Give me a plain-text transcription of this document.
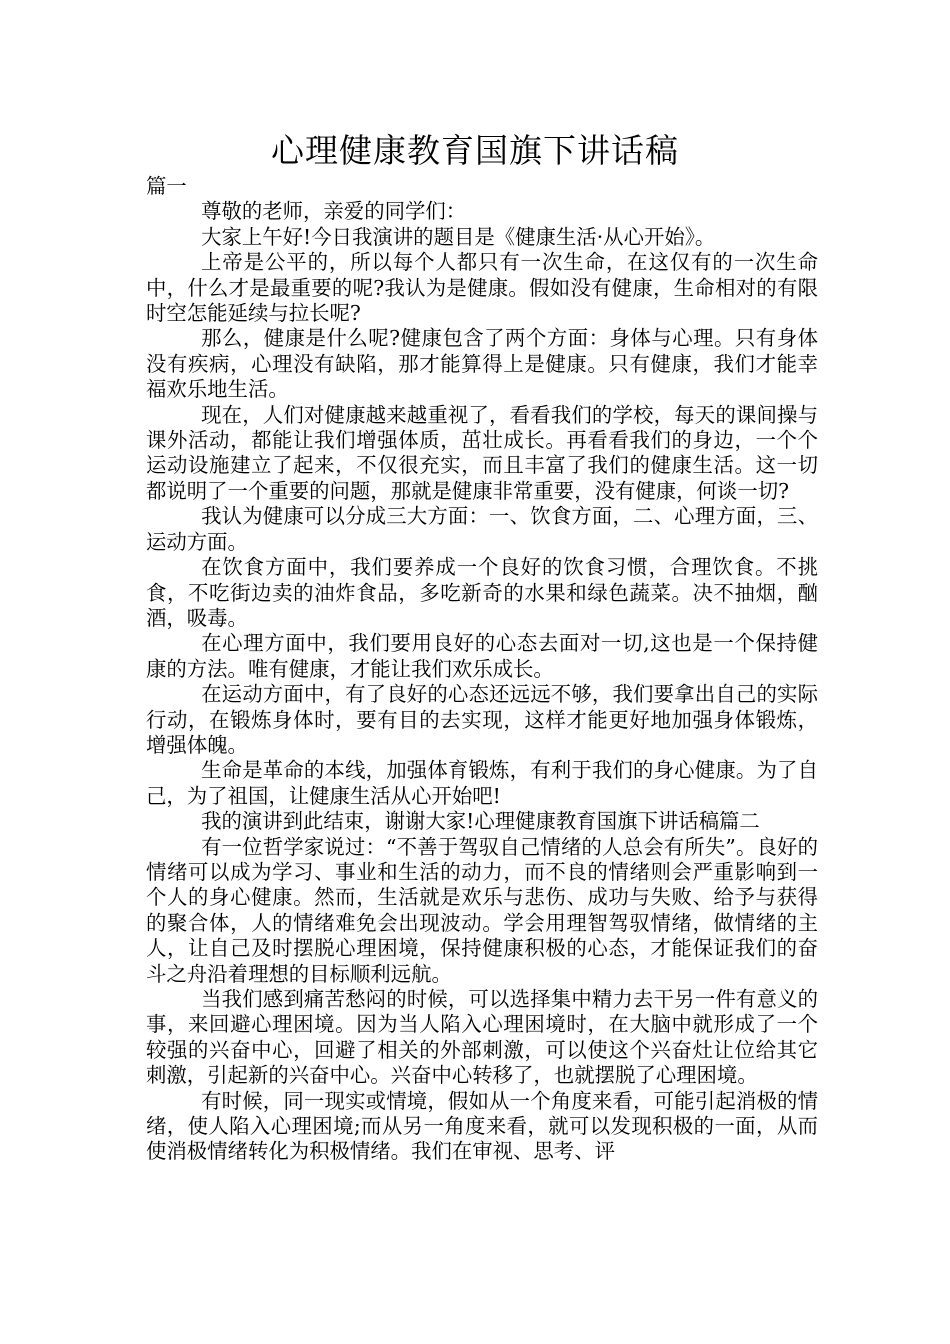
心理健康教育国旗下讲话稿

篇一

尊敬的老师，亲爱的同学们：

大家上午好!今日我演讲的题目是《健康生活·从心开始》。

上帝是公平的，所以每个人都只有一次生命，在这仅有的一次生命中，什么才是最重要的呢?我认为是健康。假如没有健康，生命相对的有限时空怎能延续与拉长呢?

那么，健康是什么呢?健康包含了两个方面：身体与心理。只有身体没有疾病，心理没有缺陷，那才能算得上是健康。只有健康，我们才能幸福欢乐地生活。

现在，人们对健康越来越重视了，看看我们的学校，每天的课间操与课外活动，都能让我们增强体质，茁壮成长。再看看我们的身边，一个个运动设施建立了起来，不仅很充实，而且丰富了我们的健康生活。这一切都说明了一个重要的问题，那就是健康非常重要，没有健康，何谈一切?

我认为健康可以分成三大方面：一、饮食方面，二、心理方面，三、运动方面。

在饮食方面中，我们要养成一个良好的饮食习惯，合理饮食。不挑食，不吃街边卖的油炸食品，多吃新奇的水果和绿色蔬菜。决不抽烟，酗酒，吸毒。

在心理方面中，我们要用良好的心态去面对一切,这也是一个保持健康的方法。唯有健康，才能让我们欢乐成长。

在运动方面中，有了良好的心态还远远不够，我们要拿出自己的实际行动，在锻炼身体时，要有目的去实现，这样才能更好地加强身体锻炼，增强体魄。

生命是革命的本线，加强体育锻炼，有利于我们的身心健康。为了自己，为了祖国，让健康生活从心开始吧!

我的演讲到此结束，谢谢大家!心理健康教育国旗下讲话稿篇二

有一位哲学家说过：“不善于驾驭自己情绪的人总会有所失”。良好的情绪可以成为学习、事业和生活的动力，而不良的情绪则会严重影响到一个人的身心健康。然而，生活就是欢乐与悲伤、成功与失败、给予与获得的聚合体，人的情绪难免会出现波动。学会用理智驾驭情绪，做情绪的主人，让自己及时摆脱心理困境，保持健康积极的心态，才能保证我们的奋斗之舟沿着理想的目标顺利远航。

当我们感到痛苦愁闷的时候，可以选择集中精力去干另一件有意义的事，来回避心理困境。因为当人陷入心理困境时，在大脑中就形成了一个较强的兴奋中心，回避了相关的外部刺激，可以使这个兴奋灶让位给其它刺激，引起新的兴奋中心。兴奋中心转移了，也就摆脱了心理困境。

有时候，同一现实或情境，假如从一个角度来看，可能引起消极的情绪，使人陷入心理困境;而从另一角度来看，就可以发现积极的一面，从而使消极情绪转化为积极情绪。我们在审视、思考、评
